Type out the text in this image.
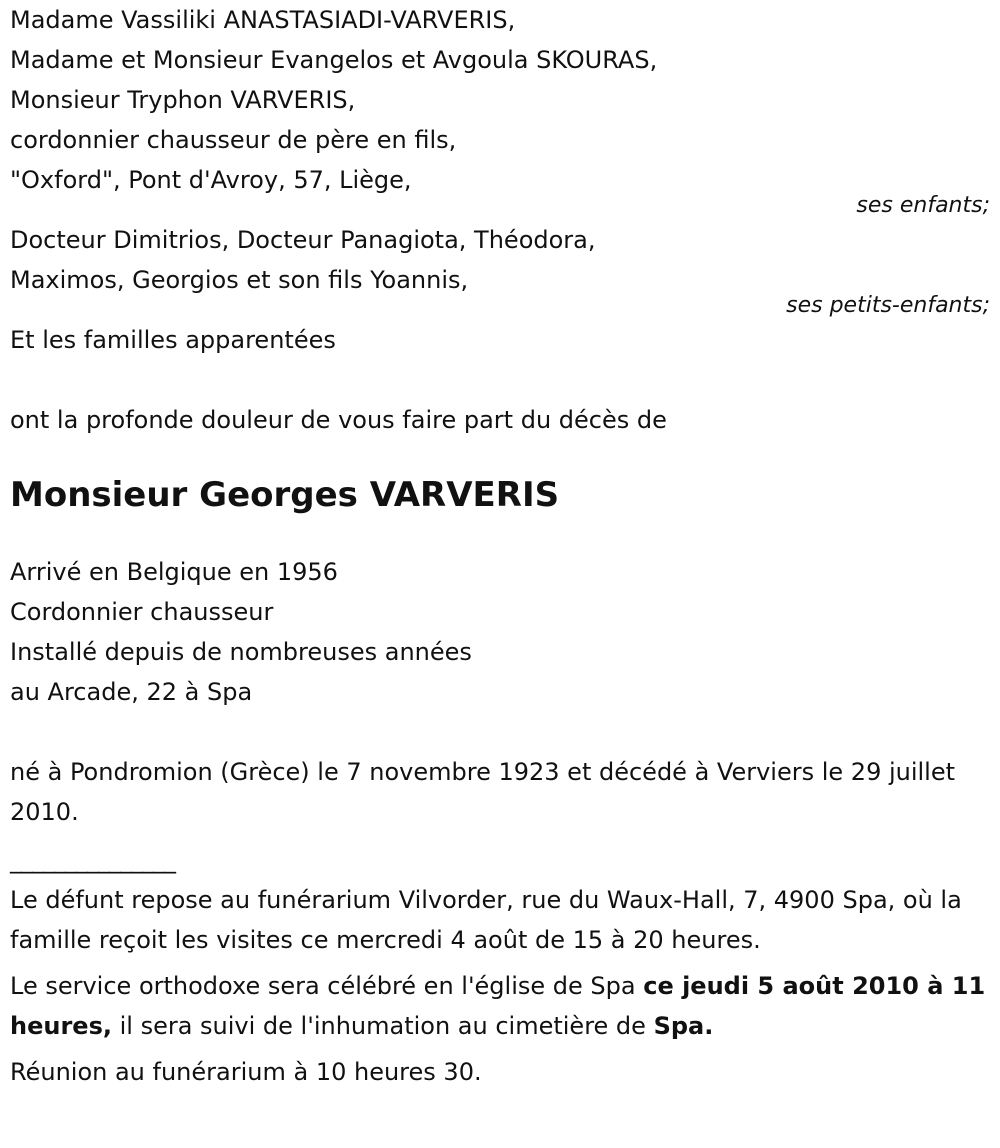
Madame Vassiliki ANASTASIADI-VARVERIS,
Madame et Monsieur Evangelos et Avgoula SKOURAS,
Monsieur Tryphon VARVERIS,
cordonnier chausseur de père en fils,
"Oxford", Pont d'Avroy, 57, Liège,
ses enfants;
Docteur Dimitrios, Docteur Panagiota, Théodora,
Maximos, Georgios et son fils Yoannis,
ses petits-enfants;
Et les familles apparentées
ont la profonde douleur de vous faire part du décès de
Monsieur Georges VARVERIS
Arrivé en Belgique en 1956
Cordonnier chausseur
Installé depuis de nombreuses années
au Arcade, 22 à Spa
né à Pondromion (Grèce) le 7 novembre 1923 et décédé à Verviers le 29 juillet 2010.
_______________
Le défunt repose au funérarium Vilvorder, rue du Waux-Hall, 7, 4900 Spa, où la famille reçoit les visites ce mercredi 4 août de 15 à 20 heures.
Le service orthodoxe sera célébré en l'église de Spa ce jeudi 5 août 2010 à 11 heures, il sera suivi de l'inhumation au cimetière de Spa.
Réunion au funérarium à 10 heures 30.
